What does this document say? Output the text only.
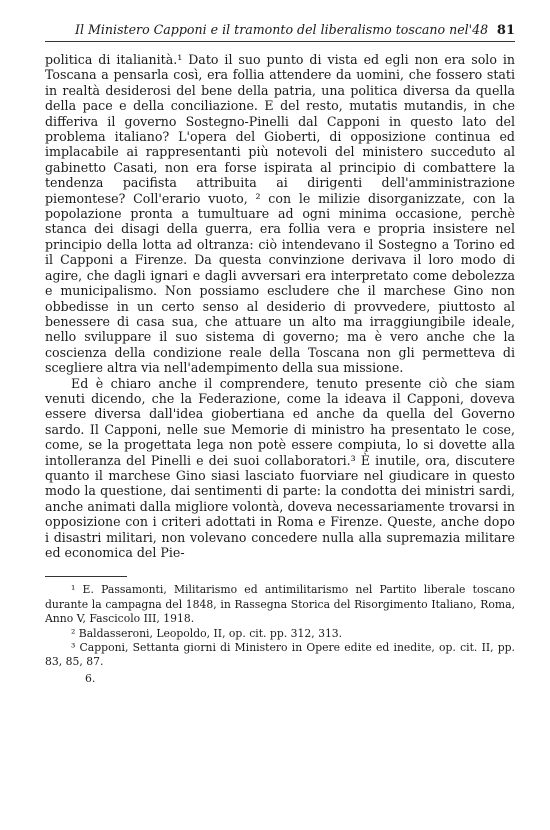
Il Ministero Capponi e il tramonto del liberalismo toscano nel'48 81

politica di italianità.¹ Dato il suo punto di vista ed egli non era solo in Toscana a pensarla così, era follia attendere da uomini, che fossero stati in realtà desiderosi del bene della patria, una politica diversa da quella della pace e della conciliazione. E del resto, mutatis mutandis, in che differiva il governo Sostegno-Pinelli dal Capponi in questo lato del problema italiano? L'opera del Gioberti, di opposizione continua ed implacabile ai rappresentanti più notevoli del ministero succeduto al gabinetto Casati, non era forse ispirata al principio di combattere la tendenza pacifista attribuita ai dirigenti dell'amministrazione piemontese? Coll'erario vuoto, ² con le milizie disorganizzate, con la popolazione pronta a tumultuare ad ogni minima occasione, perchè stanca dei disagi della guerra, era follia vera e propria insistere nel principio della lotta ad oltranza: ciò intendevano il Sostegno a Torino ed il Capponi a Firenze. Da questa convinzione derivava il loro modo di agire, che dagli ignari e dagli avversari era interpretato come debolezza e municipalismo. Non possiamo escludere che il marchese Gino non obbedisse in un certo senso al desiderio di provvedere, piuttosto al benessere di casa sua, che attuare un alto ma irraggiungibile ideale, nello sviluppare il suo sistema di governo; ma è vero anche che la coscienza della condizione reale della Toscana non gli permetteva di scegliere altra via nell'adempimento della sua missione.

Ed è chiaro anche il comprendere, tenuto presente ciò che siam venuti dicendo, che la Federazione, come la ideava il Capponi, doveva essere diversa dall'idea giobertiana ed anche da quella del Governo sardo. Il Capponi, nelle sue Memorie di ministro ha presentato le cose, come, se la progettata lega non potè essere compiuta, lo si dovette alla intolleranza del Pinelli e dei suoi collaboratori.³ È inutile, ora, discutere quanto il marchese Gino siasi lasciato fuorviare nel giudicare in questo modo la questione, dai sentimenti di parte: la condotta dei ministri sardi, anche animati dalla migliore volontà, doveva necessariamente trovarsi in opposizione con i criteri adottati in Roma e Firenze. Queste, anche dopo i disastri militari, non volevano concedere nulla alla supremazia militare ed economica del Pie-

¹ E. Passamonti, Militarismo ed antimilitarismo nel Partito liberale toscano durante la campagna del 1848, in Rassegna Storica del Risorgimento Italiano, Roma, Anno V, Fascicolo III, 1918.

² Baldasseroni, Leopoldo, II, op. cit. pp. 312, 313.

³ Capponi, Settanta giorni di Ministero in Opere edite ed inedite, op. cit. II, pp. 83, 85, 87.

6.
